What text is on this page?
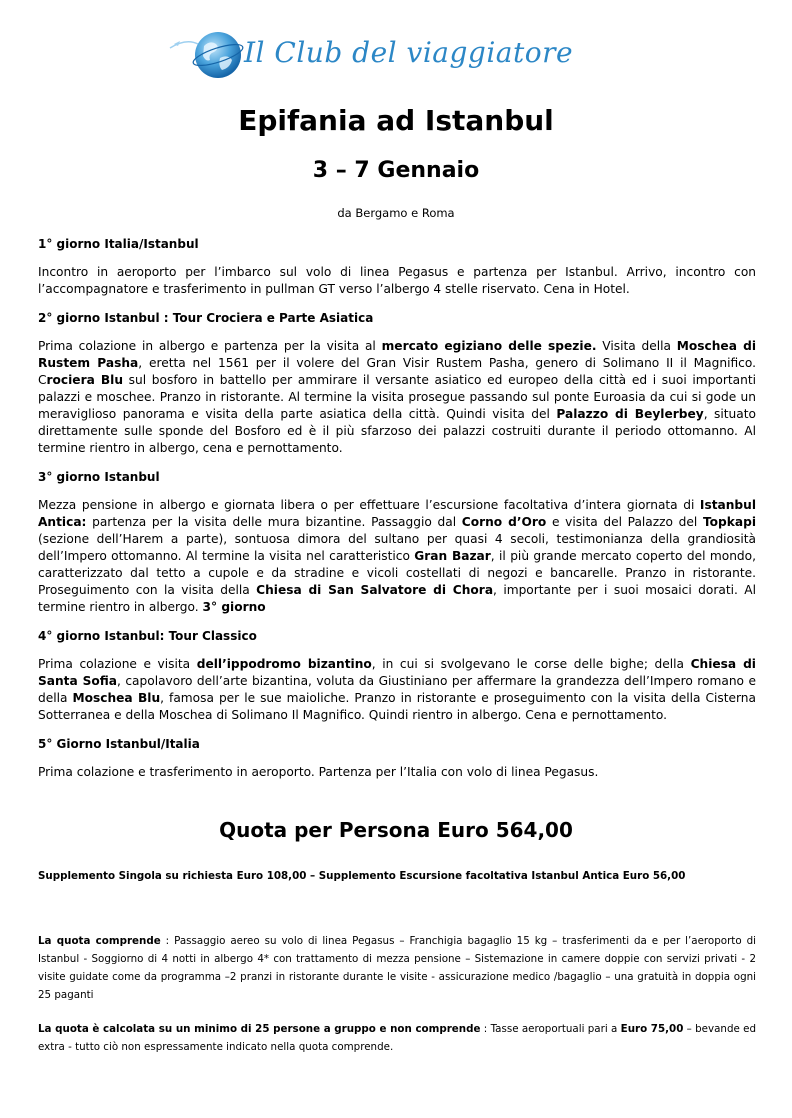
Il Club del viaggiatore
Epifania ad Istanbul
3 – 7 Gennaio
da Bergamo e Roma
1° giorno Italia/Istanbul
Incontro in aeroporto per l’imbarco sul volo di linea Pegasus e partenza per Istanbul. Arrivo, incontro con l’accompagnatore e trasferimento in pullman GT verso l’albergo 4 stelle riservato. Cena in Hotel.
2° giorno Istanbul : Tour Crociera e Parte Asiatica
Prima colazione in albergo e partenza per la visita al mercato egiziano delle spezie. Visita della Moschea di Rustem Pasha, eretta nel 1561 per il volere del Gran Visir Rustem Pasha, genero di Solimano II il Magnifico. Crociera Blu sul bosforo in battello per ammirare il versante asiatico ed europeo della città ed i suoi importanti palazzi e moschee. Pranzo in ristorante. Al termine la visita prosegue passando sul ponte Euroasia da cui si gode un meraviglioso panorama e visita della parte asiatica della città. Quindi visita del Palazzo di Beylerbey, situato direttamente sulle sponde del Bosforo ed è il più sfarzoso dei palazzi costruiti durante il periodo ottomanno. Al termine rientro in albergo, cena e pernottamento.
3° giorno Istanbul
Mezza pensione in albergo e giornata libera o per effettuare l’escursione facoltativa d’intera giornata di Istanbul Antica: partenza per la visita delle mura bizantine. Passaggio dal Corno d’Oro e visita del Palazzo del Topkapi (sezione dell’Harem a parte), sontuosa dimora del sultano per quasi 4 secoli, testimonianza della grandiosità dell’Impero ottomanno. Al termine la visita nel caratteristico Gran Bazar, il più grande mercato coperto del mondo, caratterizzato dal tetto a cupole e da stradine e vicoli costellati di negozi e bancarelle. Pranzo in ristorante. Proseguimento con la visita della Chiesa di San Salvatore di Chora, importante per i suoi mosaici dorati. Al termine rientro in albergo. 3° giorno
4° giorno Istanbul: Tour Classico
Prima colazione e visita dell’ippodromo bizantino, in cui si svolgevano le corse delle bighe; della Chiesa di Santa Sofia, capolavoro dell’arte bizantina, voluta da Giustiniano per affermare la grandezza dell’Impero romano e della Moschea Blu, famosa per le sue maioliche. Pranzo in ristorante e proseguimento con la visita della Cisterna Sotterranea e della Moschea di Solimano Il Magnifico. Quindi rientro in albergo. Cena e pernottamento.
5° Giorno Istanbul/Italia
Prima colazione e trasferimento in aeroporto. Partenza per l’Italia con volo di linea Pegasus.
Quota per Persona Euro 564,00
Supplemento Singola su richiesta Euro 108,00 – Supplemento Escursione facoltativa Istanbul Antica Euro 56,00
La quota comprende : Passaggio aereo su volo di linea Pegasus – Franchigia bagaglio 15 kg – trasferimenti da e per l’aeroporto di Istanbul - Soggiorno di 4 notti in albergo 4* con trattamento di mezza pensione – Sistemazione in camere doppie con servizi privati - 2 visite guidate come da programma –2 pranzi in ristorante durante le visite - assicurazione medico /bagaglio – una gratuità in doppia ogni 25 paganti
La quota è calcolata su un minimo di 25 persone a gruppo e non comprende : Tasse aeroportuali pari a Euro 75,00 – bevande ed extra - tutto ciò non espressamente indicato nella quota comprende.
